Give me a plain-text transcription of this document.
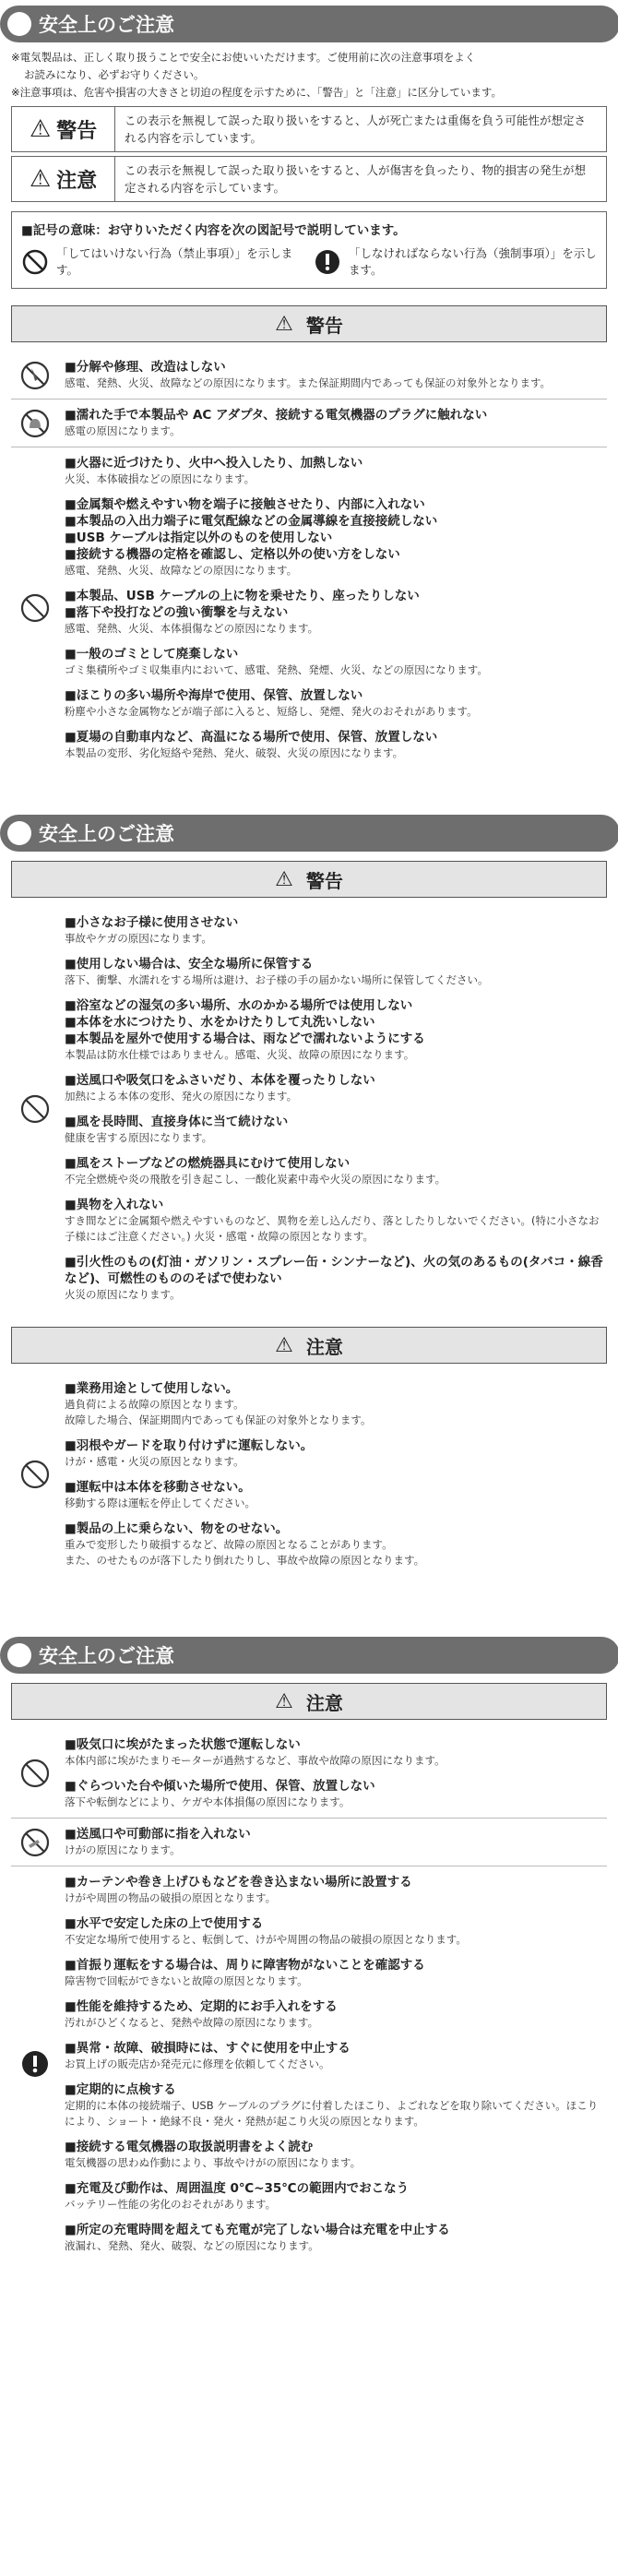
安全上のご注意

※電気製品は、正しく取り扱うことで安全にお使いいただけます。ご使用前に次の注意事項をよく

お読みになり、必ずお守りください。

※注意事項は、危害や損害の大きさと切迫の程度を示すために、「警告」と「注意」に区分しています。

⚠ 警告	この表示を無視して誤った取り扱いをすると、人が死亡または重傷を負う可能性が想定される内容を示しています。
⚠ 注意	この表示を無視して誤った取り扱いをすると、人が傷害を負ったり、物的損害の発生が想定される内容を示しています。
■記号の意味：お守りいただく内容を次の図記号で説明しています。
「してはいけない行為（禁止事項）」を示します。
「しなければならない行為（強制事項）」を示します。
⚠ 警告
■分解や修理、改造はしない
感電、発熱、火災、故障などの原因になります。また保証期間内であっても保証の対象外となります。
■濡れた手で本製品や AC アダプタ、接続する電気機器のプラグに触れない
感電の原因になります。
■火器に近づけたり、火中へ投入したり、加熱しない
火災、本体破損などの原因になります。
■金属類や燃えやすい物を端子に接触させたり、内部に入れない
■本製品の入出力端子に電気配線などの金属導線を直接接続しない
■USB ケーブルは指定以外のものを使用しない
■接続する機器の定格を確認し、定格以外の使い方をしない
感電、発熱、火災、故障などの原因になります。
■本製品、USB ケーブルの上に物を乗せたり、座ったりしない
■落下や投打などの強い衝撃を与えない
感電、発熱、火災、本体損傷などの原因になります。
■一般のゴミとして廃棄しない
ゴミ集積所やゴミ収集車内において、感電、発熱、発煙、火災、などの原因になります。
■ほこりの多い場所や海岸で使用、保管、放置しない
粉塵や小さな金属物などが端子部に入ると、短絡し、発煙、発火のおそれがあります。
■夏場の自動車内など、高温になる場所で使用、保管、放置しない
本製品の変形、劣化短絡や発熱、発火、破裂、火災の原因になります。
安全上のご注意
⚠ 警告
■小さなお子様に使用させない
事故やケガの原因になります。
■使用しない場合は、安全な場所に保管する
落下、衝撃、水濡れをする場所は避け、お子様の手の届かない場所に保管してください。
■浴室などの湿気の多い場所、水のかかる場所では使用しない
■本体を水につけたり、水をかけたりして丸洗いしない
■本製品を屋外で使用する場合は、雨などで濡れないようにする
本製品は防水仕様ではありません。感電、火災、故障の原因になります。
■送風口や吸気口をふさいだり、本体を覆ったりしない
加熱による本体の変形、発火の原因になります。
■風を長時間、直接身体に当て続けない
健康を害する原因になります。
■風をストーブなどの燃焼器具にむけて使用しない
不完全燃焼や炎の飛散を引き起こし、一酸化炭素中毒や火災の原因になります。
■異物を入れない
すき間などに金属類や燃えやすいものなど、異物を差し込んだり、落としたりしないでください。(特に小さなお子様にはご注意ください。) 火災・感電・故障の原因となります。
■引火性のもの(灯油・ガソリン・スプレー缶・シンナーなど)、火の気のあるもの(タバコ・線香など)、可燃性のもののそばで使わない
火災の原因になります。
⚠ 注意
■業務用途として使用しない。
過負荷による故障の原因となります。
故障した場合、保証期間内であっても保証の対象外となります。
■羽根やガードを取り付けずに運転しない。
けが・感電・火災の原因となります。
■運転中は本体を移動させない。
移動する際は運転を停止してください。
■製品の上に乗らない、物をのせない。
重みで変形したり破損するなど、故障の原因となることがあります。
また、のせたものが落下したり倒れたりし、事故や故障の原因となります。
安全上のご注意
⚠ 注意
■吸気口に埃がたまった状態で運転しない
本体内部に埃がたまりモーターが過熱するなど、事故や故障の原因になります。
■ぐらついた台や傾いた場所で使用、保管、放置しない
落下や転倒などにより、ケガや本体損傷の原因になります。
■送風口や可動部に指を入れない
けがの原因になります。
■カーテンや巻き上げひもなどを巻き込まない場所に設置する
けがや周囲の物品の破損の原因となります。
■水平で安定した床の上で使用する
不安定な場所で使用すると、転倒して、けがや周囲の物品の破損の原因となります。
■首振り運転をする場合は、周りに障害物がないことを確認する
障害物で回転ができないと故障の原因となります。
■性能を維持するため、定期的にお手入れをする
汚れがひどくなると、発熱や故障の原因になります。
■異常・故障、破損時には、すぐに使用を中止する
お買上げの販売店か発売元に修理を依頼してください。
■定期的に点検する
定期的に本体の接続端子、USB ケーブルのプラグに付着したほこり、よごれなどを取り除いてください。ほこりにより、ショート・絶縁不良・発火・発熱が起こり火災の原因となります。
■接続する電気機器の取扱説明書をよく読む
電気機器の思わぬ作動により、事故やけがの原因になります。
■充電及び動作は、周囲温度 0℃~35℃の範囲内でおこなう
バッテリー性能の劣化のおそれがあります。
■所定の充電時間を超えても充電が完了しない場合は充電を中止する
液漏れ、発熱、発火、破裂、などの原因になります。
